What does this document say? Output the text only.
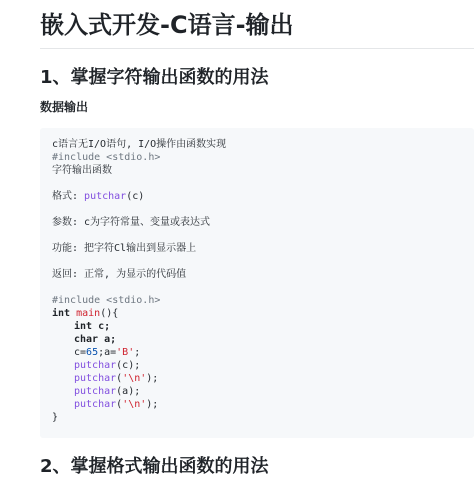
嵌入式开发-C语言-输出
1、掌握字符输出函数的用法
数据输出
c语言无I/O语句, I/O操作由函数实现
#include <stdio.h>
字符输出函数
格式: putchar(c)
参数: c为字符常量、变量或表达式
功能: 把字符Cl输出到显示器上
返回: 正常, 为显示的代码值
#include <stdio.h>
int main(){
int c;
char a;
c=65;a='B';
putchar(c);
putchar('\n');
putchar(a);
putchar('\n');
}
2、掌握格式输出函数的用法
